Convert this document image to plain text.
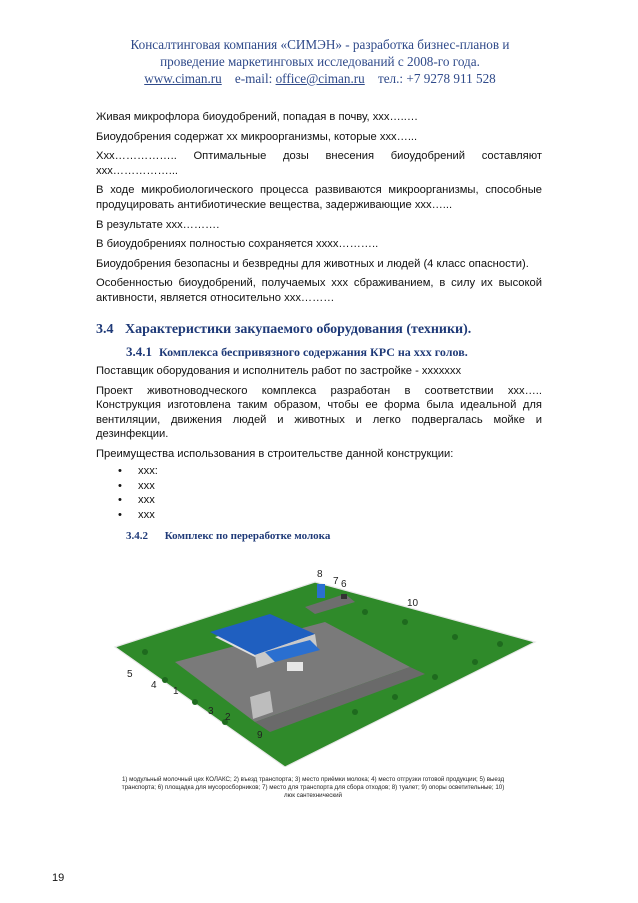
Консалтинговая компания «СИМЭН» - разработка бизнес-планов и
проведение маркетинговых исследований с 2008-го года.
www.ciman.ru e-mail: office@ciman.ru тел.: +7 9278 911 528

Живая микрофлора биоудобрений, попадая в почву, ххх…..…

Биоудобрения содержат хх микроорганизмы, которые ххх…...

Ххх…………….. Оптимальные дозы внесения биоудобрений составляют ххх……………...

В ходе микробиологического процесса развиваются микроорганизмы, способные продуцировать антибиотические вещества, задерживающие ххх…...

В результате ххх……….

В биоудобрениях полностью сохраняется хххх………..

Биоудобрения безопасны и безвредны для животных и людей (4 класс опасности).

Особенностью биоудобрений, получаемых ххх сбраживанием, в силу их высокой активности, является относительно ххх………

3.4 Характеристики закупаемого оборудования (техники).
3.4.1 Комплекса беспривязного содержания КРС на ххх голов.

Поставщик оборудования и исполнитель работ по застройке - ххххххх

Проект животноводческого комплекса разработан в соответствии ххх….. Конструкция изготовлена таким образом, чтобы ее форма была идеальной для вентиляции, движения людей и животных и легко подвергалась мойке и дезинфекции.

Преимущества использования в строительстве данной конструкции:

• ххх:
• ххх
• ххх
• ххх
3.4.2 Комплекс по переработке молока
1
2
3
4
5
6
7
8
9
10
1) модульный молочный цех КОЛАКС; 2) въезд транспорта; 3) место приёмки молока; 4) место отгрузки готовой продукции; 5) выезд транспорта; 6) площадка для мусоросборников; 7) место для транспорта для сбора отходов; 8) туалет; 9) опоры осветительные; 10) люк сантехнический
19
